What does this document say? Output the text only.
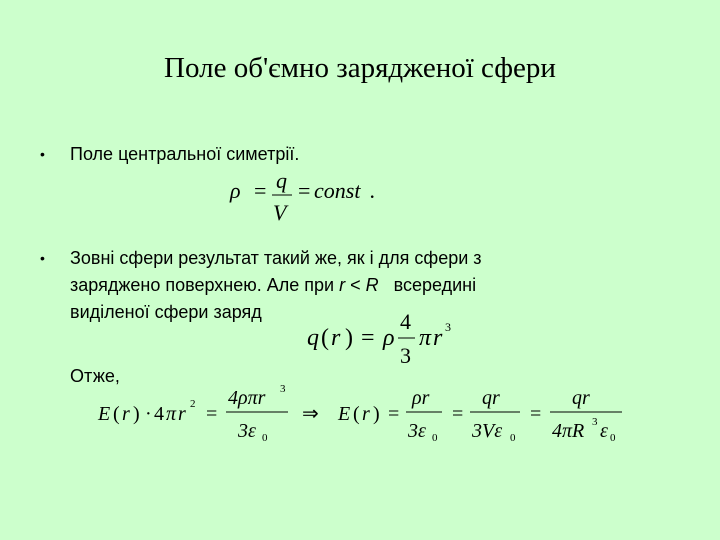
Поле об'ємно зарядженої сфери
• Поле центральної симетрії.
ρ = q
V
= const .
• Зовні сфери результат такий же, як і для сфери з
заряджено поверхнею. Але при r < R   всередині
виділеної сфери заряд
q ( r ) = ρ
4
3
π r 3
Отже,
E ( r ) · 4 π r 2 =
4ρπr 3
3ε 0
⇒ E ( r ) =
ρr
3ε 0
=
qr
3Vε 0
=
qr
4πR 3 ε 0
